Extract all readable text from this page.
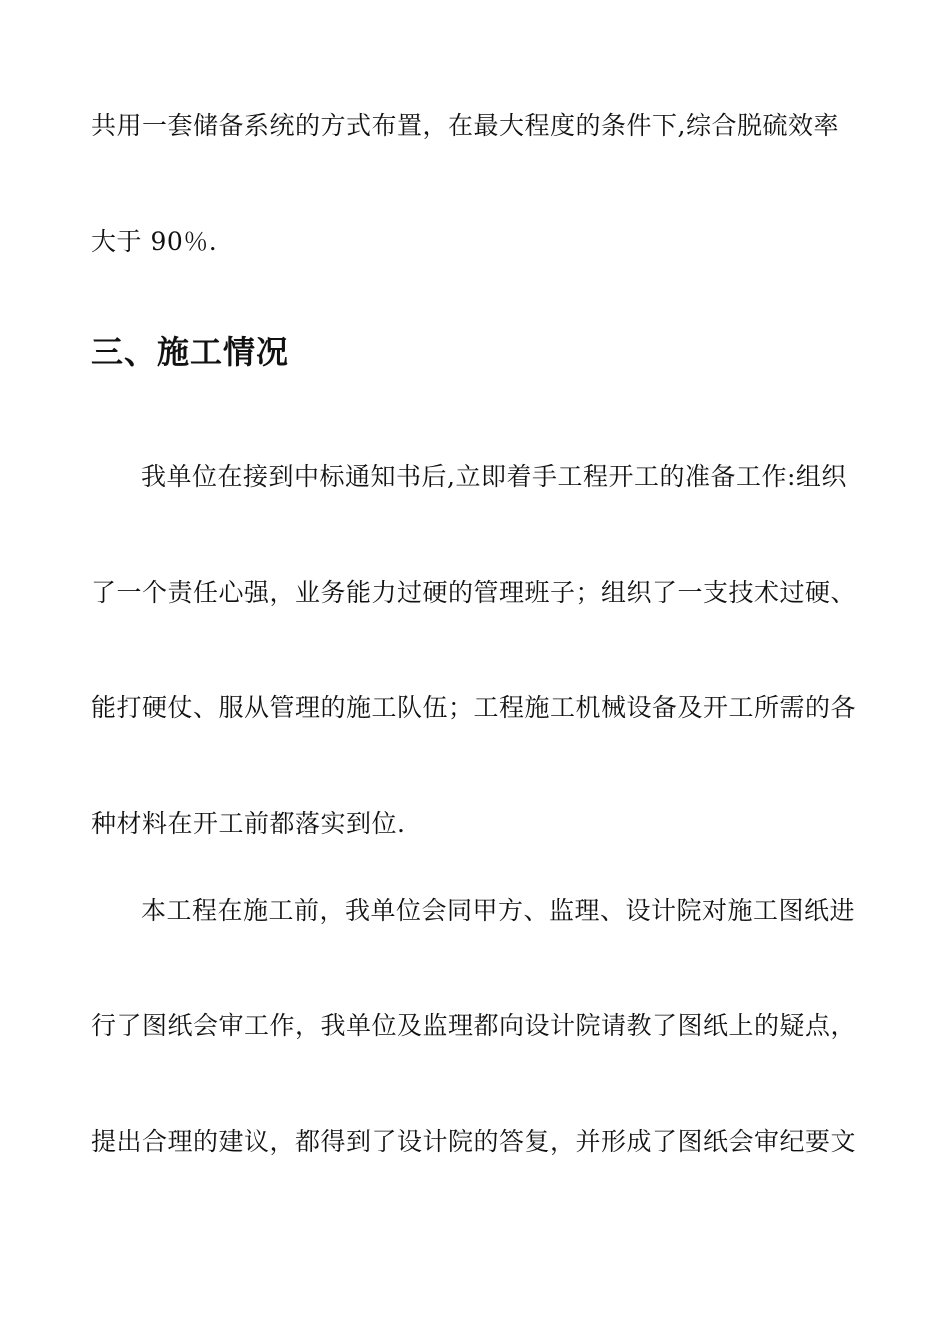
共用一套储备系统的方式布置，在最大程度的条件下,综合脱硫效率
大于 90％.
三、施工情况
我单位在接到中标通知书后,立即着手工程开工的准备工作:组织
了一个责任心强，业务能力过硬的管理班子；组织了一支技术过硬、
能打硬仗、服从管理的施工队伍；工程施工机械设备及开工所需的各
种材料在开工前都落实到位.
本工程在施工前，我单位会同甲方、监理、设计院对施工图纸进
行了图纸会审工作，我单位及监理都向设计院请教了图纸上的疑点，
提出合理的建议，都得到了设计院的答复，并形成了图纸会审纪要文
